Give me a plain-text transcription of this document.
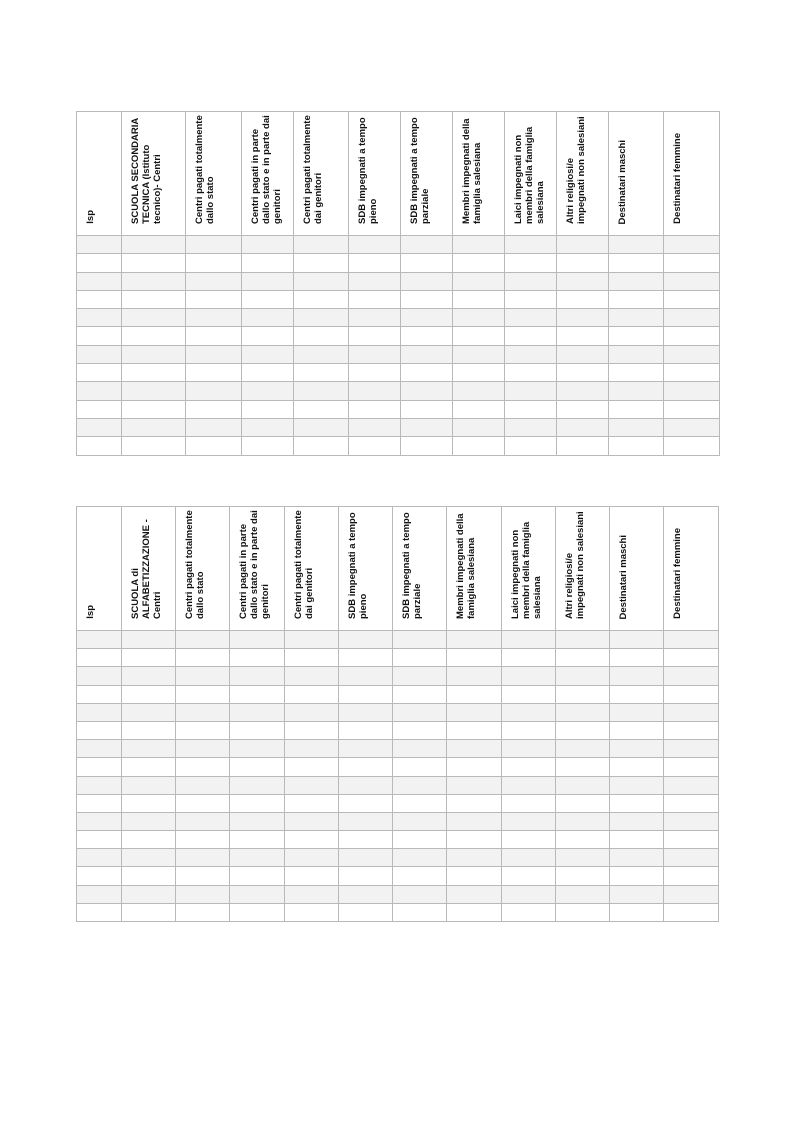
Isp	SCUOLA SECONDARIA TECNICA (Istituto tecnico)- Centri	Centri pagati totalmente dallo stato	Centri pagati in parte dallo stato e in parte dai genitori	Centri pagati totalmente dai genitori	SDB impegnati a tempo pieno	SDB impegnati a tempo parziale	Membri impegnati della famiglia salesiana	Laici impegnati non membri della famiglia salesiana	Altri religiosi/e impegnati non salesiani	Destinatari maschi	Destinatari femmine

Isp	SCUOLA di ALFABETIZZAZIONE - Centri	Centri pagati totalmente dallo stato	Centri pagati in parte dallo stato e in parte dai genitori	Centri pagati totalmente dai genitori	SDB impegnati a tempo pieno	SDB impegnati a tempo parziale	Membri impegnati della famiglia salesiana	Laici impegnati non membri della famiglia salesiana	Altri religiosi/e impegnati non salesiani	Destinatari maschi	Destinatari femmine
